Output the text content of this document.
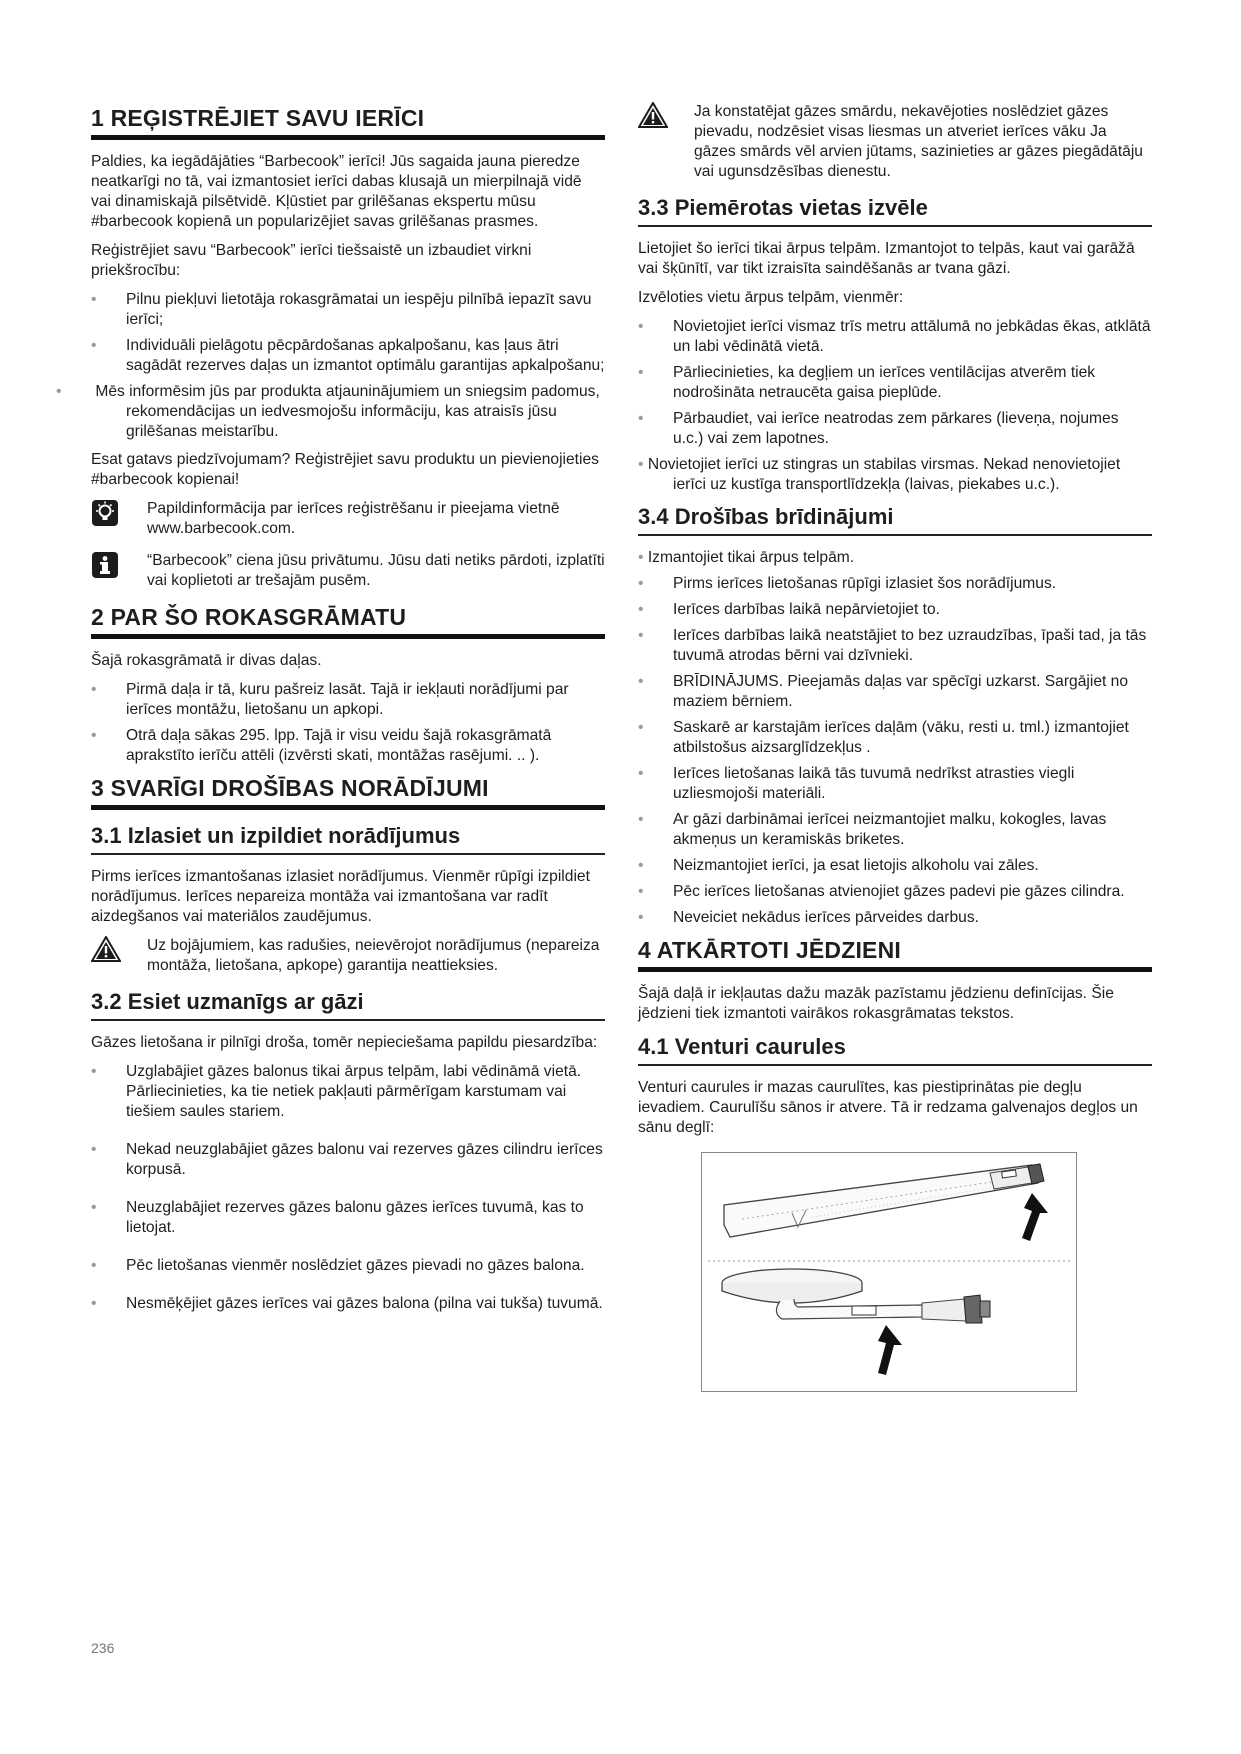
1 REĢISTRĒJIET SAVU IERĪCI

Paldies, ka iegādājāties “Barbecook” ierīci! Jūs sagaida jauna pieredze neatkarīgi no tā, vai izmantosiet ierīci dabas klusajā un mierpilnajā vidē vai dinamiskajā pilsētvidē. Kļūstiet par grilēšanas ekspertu mūsu #barbecook kopienā un popularizējiet savas grilēšanas prasmes.

Reģistrējiet savu “Barbecook” ierīci tiešsaistē un izbaudiet virkni priekšrocību:

• Pilnu piekļuvi lietotāja rokasgrāmatai un iespēju pilnībā iepazīt savu ierīci;
• Individuāli pielāgotu pēcpārdošanas apkalpošanu, kas ļaus ātri sagādāt rezerves daļas un izmantot optimālu garantijas apkalpošanu;
• Mēs informēsim jūs par produkta atjauninājumiem un sniegsim padomus, rekomendācijas un iedvesmojošu informāciju, kas atraisīs jūsu grilēšanas meistarību.

Esat gatavs piedzīvojumam? Reģistrējiet savu produktu un pievienojieties #barbecook kopienai!

Papildinformācija par ierīces reģistrēšanu ir pieejama vietnē www.barbecook.com.
“Barbecook” ciena jūsu privātumu. Jūsu dati netiks pārdoti, izplatīti vai koplietoti ar trešajām pusēm.
2 PAR ŠO ROKASGRĀMATU

Šajā rokasgrāmatā ir divas daļas.

• Pirmā daļa ir tā, kuru pašreiz lasāt. Tajā ir iekļauti norādījumi par ierīces montāžu, lietošanu un apkopi.
• Otrā daļa sākas 295. lpp. Tajā ir visu veidu šajā rokasgrāmatā aprakstīto ierīču attēli (izvērsti skati, montāžas rasējumi. .. ).
3 SVARĪGI DROŠĪBAS NORĀDĪJUMI
3.1 Izlasiet un izpildiet norādījumus

Pirms ierīces izmantošanas izlasiet norādījumus. Vienmēr rūpīgi izpildiet norādījumus. Ierīces nepareiza montāža vai izmantošana var radīt aizdegšanos vai materiālos zaudējumus.

Uz bojājumiem, kas radušies, neievērojot norādījumus (nepareiza montāža, lietošana, apkope) garantija neattieksies.
3.2 Esiet uzmanīgs ar gāzi

Gāzes lietošana ir pilnīgi droša, tomēr nepieciešama papildu piesardzība:

• Uzglabājiet gāzes balonus tikai ārpus telpām, labi vēdināmā vietā. Pārliecinieties, ka tie netiek pakļauti pārmērīgam karstumam vai tiešiem saules stariem.
• Nekad neuzglabājiet gāzes balonu vai rezerves gāzes cilindru ierīces korpusā.
• Neuzglabājiet rezerves gāzes balonu gāzes ierīces tuvumā, kas to lietojat.
• Pēc lietošanas vienmēr noslēdziet gāzes pievadi no gāzes balona.
• Nesmēķējiet gāzes ierīces vai gāzes balona (pilna vai tukša) tuvumā.
Ja konstatējat gāzes smārdu, nekavējoties noslēdziet gāzes pievadu, nodzēsiet visas liesmas un atveriet ierīces vāku Ja gāzes smārds vēl arvien jūtams, sazinieties ar gāzes piegādātāju vai ugunsdzēsības dienestu.
3.3 Piemērotas vietas izvēle

Lietojiet šo ierīci tikai ārpus telpām. Izmantojot to telpās, kaut vai garāžā vai šķūnītī, var tikt izraisīta saindēšanās ar tvana gāzi.

Izvēloties vietu ārpus telpām, vienmēr:

• Novietojiet ierīci vismaz trīs metru attālumā no jebkādas ēkas, atklātā un labi vēdinātā vietā.
• Pārliecinieties, ka degļiem un ierīces ventilācijas atverēm tiek nodrošināta netraucēta gaisa pieplūde.
• Pārbaudiet, vai ierīce neatrodas zem pārkares (lieveņa, nojumes u.c.) vai zem lapotnes.
• Novietojiet ierīci uz stingras un stabilas virsmas. Nekad nenovietojiet ierīci uz kustīga transportlīdzekļa (laivas, piekabes u.c.).
3.4 Drošības brīdinājumi
• Izmantojiet tikai ārpus telpām.
• Pirms ierīces lietošanas rūpīgi izlasiet šos norādījumus.
• Ierīces darbības laikā nepārvietojiet to.
• Ierīces darbības laikā neatstājiet to bez uzraudzības, īpaši tad, ja tās tuvumā atrodas bērni vai dzīvnieki.
• BRĪDINĀJUMS. Pieejamās daļas var spēcīgi uzkarst. Sargājiet no maziem bērniem.
• Saskarē ar karstajām ierīces daļām (vāku, resti u. tml.) izmantojiet atbilstošus aizsarglīdzekļus .
• Ierīces lietošanas laikā tās tuvumā nedrīkst atrasties viegli uzliesmojoši materiāli.
• Ar gāzi darbināmai ierīcei neizmantojiet malku, kokogles, lavas akmeņus un keramiskās briketes.
• Neizmantojiet ierīci, ja esat lietojis alkoholu vai zāles.
• Pēc ierīces lietošanas atvienojiet gāzes padevi pie gāzes cilindra.
• Neveiciet nekādus ierīces pārveides darbus.
4 ATKĀRTOTI JĒDZIENI

Šajā daļā ir iekļautas dažu mazāk pazīstamu jēdzienu definīcijas. Šie jēdzieni tiek izmantoti vairākos rokasgrāmatas tekstos.

4.1 Venturi caurules

Venturi caurules ir mazas caurulītes, kas piestiprinātas pie degļu ievadiem. Caurulīšu sānos ir atvere. Tā ir redzama galvenajos degļos un sānu deglī:

236
